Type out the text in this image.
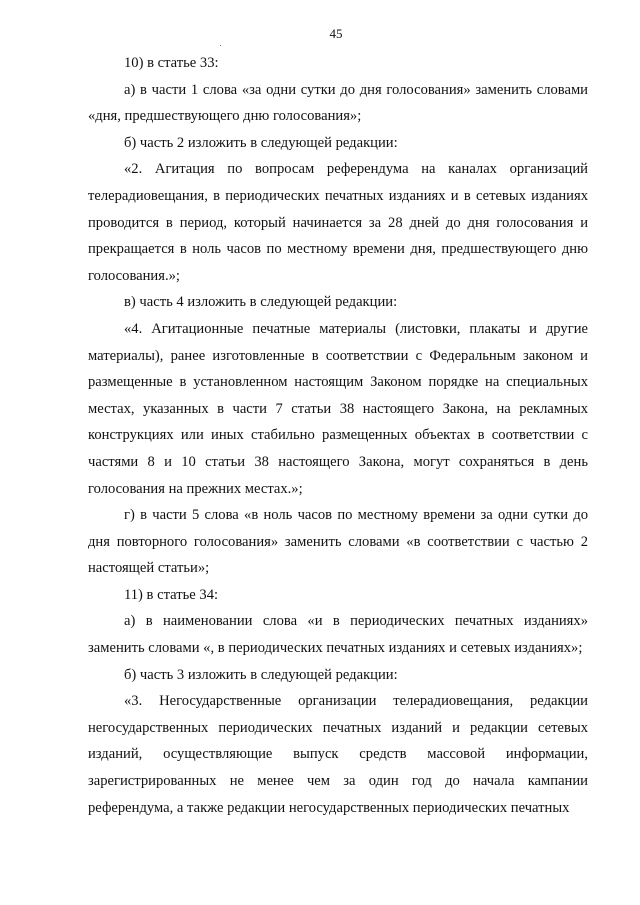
45

10) в статье 33:

а) в части 1 слова «за одни сутки до дня голосования» заменить словами «дня, предшествующего дню голосования»;

б) часть 2 изложить в следующей редакции:

«2. Агитация по вопросам референдума на каналах организаций телерадиовещания, в периодических печатных изданиях и в сетевых изданиях проводится в период, который начинается за 28 дней до дня голосования и прекращается в ноль часов по местному времени дня, предшествующего дню голосования.»;

в) часть 4 изложить в следующей редакции:

«4. Агитационные печатные материалы (листовки, плакаты и другие материалы), ранее изготовленные в соответствии с Федеральным законом и размещенные в установленном настоящим Законом порядке на специальных местах, указанных в части 7 статьи 38 настоящего Закона, на рекламных конструкциях или иных стабильно размещенных объектах в соответствии с частями 8 и 10 статьи 38 настоящего Закона, могут сохраняться в день голосования на прежних местах.»;

г) в части 5 слова «в ноль часов по местному времени за одни сутки до дня повторного голосования» заменить словами «в соответствии с частью 2 настоящей статьи»;

11) в статье 34:

а) в наименовании слова «и в периодических печатных изданиях» заменить словами «, в периодических печатных изданиях и сетевых изданиях»;

б) часть 3 изложить в следующей редакции:

«3. Негосударственные организации телерадиовещания, редакции негосударственных периодических печатных изданий и редакции сетевых изданий, осуществляющие выпуск средств массовой информации, зарегистрированных не менее чем за один год до начала кампании референдума, а также редакции негосударственных периодических печатных
